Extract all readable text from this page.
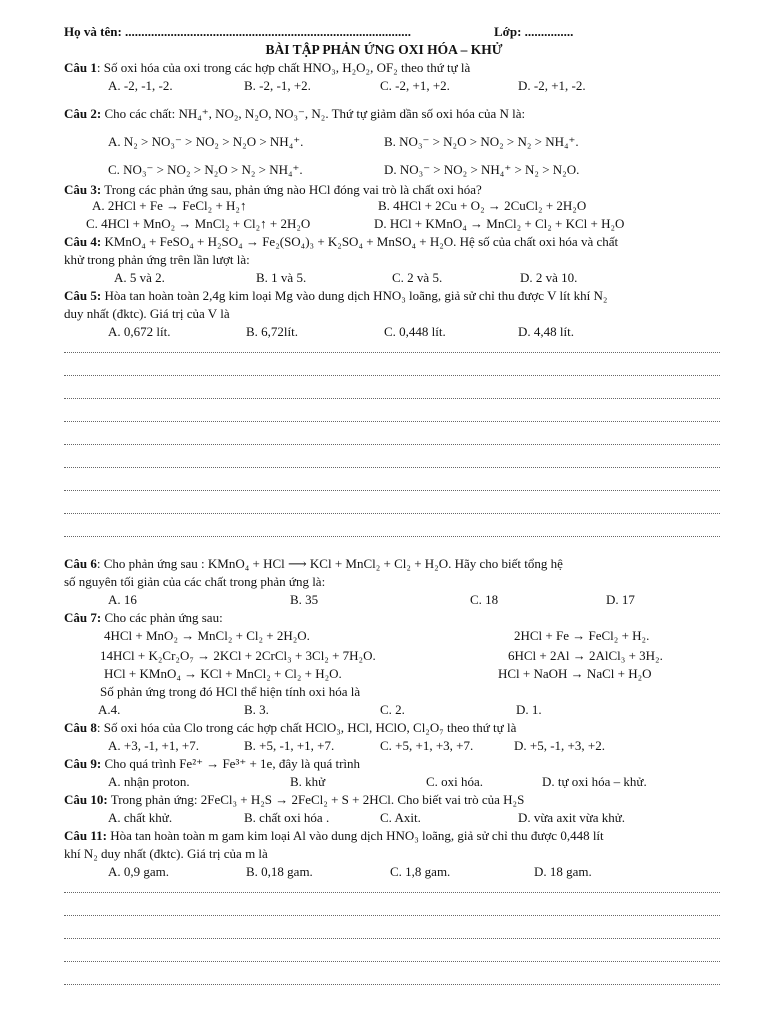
Họ và tên: ........................................................................................	Lớp: ...............
BÀI TẬP PHẢN ỨNG OXI HÓA – KHỬ
Câu 1: Số oxi hóa của oxi trong các hợp chất HNO₃, H₂O₂, OF₂ theo thứ tự là
A. -2, -1, -2.	B. -2, -1, +2.	C. -2, +1, +2.	D. -2, +1, -2.
Câu 2: Cho các chất: NH₄⁺, NO₂, N₂O, NO₃⁻, N₂. Thứ tự giảm dần số oxi hóa của N là:
A. N₂ > NO₃⁻ > NO₂ > N₂O > NH₄⁺.	B. NO₃⁻ > N₂O > NO₂ > N₂ > NH₄⁺.
C. NO₃⁻ > NO₂ > N₂O > N₂ > NH₄⁺.	D. NO₃⁻ > NO₂ > NH₄⁺ > N₂ > N₂O.
Câu 3: Trong các phản ứng sau, phản ứng nào HCl đóng vai trò là chất oxi hóa?
A. 2HCl + Fe → FeCl₂ + H₂↑	B. 4HCl + 2Cu + O₂ → 2CuCl₂ + 2H₂O
C. 4HCl + MnO₂ → MnCl₂ + Cl₂↑ + 2H₂O	D. HCl + KMnO₄ → MnCl₂ + Cl₂ + KCl + H₂O
Câu 4: KMnO₄ + FeSO₄ + H₂SO₄ → Fe₂(SO₄)₃ + K₂SO₄ + MnSO₄ + H₂O. Hệ số của chất oxi hóa và chất
khử trong phản ứng trên lần lượt là:
A. 5 và 2.	B. 1 và 5.	C. 2 và 5.	D. 2 và 10.
Câu 5: Hòa tan hoàn toàn 2,4g kim loại Mg vào dung dịch HNO₃ loãng, giả sử chỉ thu được V lít khí N₂
duy nhất (đktc). Giá trị của V là
A. 0,672 lít.	B. 6,72lít.	C. 0,448 lít.	D. 4,48 lít.
Câu 6: Cho phản ứng sau : KMnO₄ + HCl ⟶ KCl + MnCl₂ + Cl₂ + H₂O. Hãy cho biết tổng hệ
số nguyên tối giản của các chất trong phản ứng là:
A. 16	B. 35	C. 18	D. 17
Câu 7: Cho các phản ứng sau:
4HCl + MnO₂ → MnCl₂ + Cl₂ + 2H₂O.	2HCl + Fe → FeCl₂ + H₂.
14HCl + K₂Cr₂O₇ → 2KCl + 2CrCl₃ + 3Cl₂ + 7H₂O.	6HCl + 2Al → 2AlCl₃ + 3H₂.
HCl + KMnO₄ → KCl + MnCl₂ + Cl₂ + H₂O.	HCl + NaOH → NaCl + H₂O
Số phản ứng trong đó HCl thể hiện tính oxi hóa là
A.4.	B. 3.	C. 2.	D. 1.
Câu 8: Số oxi hóa của Clo trong các hợp chất HClO₃, HCl, HClO, Cl₂O₇ theo thứ tự là
A. +3, -1, +1, +7.	B. +5, -1, +1, +7.	C. +5, +1, +3, +7.	D. +5, -1, +3, +2.
Câu 9: Cho quá trình Fe²⁺ → Fe³⁺ + 1e, đây là quá trình
A. nhận proton.	B. khử	C. oxi hóa.	D. tự oxi hóa – khử.
Câu 10: Trong phản ứng: 2FeCl₃ + H₂S → 2FeCl₂ + S + 2HCl. Cho biết vai trò của H₂S
A. chất khử.	B. chất oxi hóa .	C. Axit.	D. vừa axit vừa khử.
Câu 11: Hòa tan hoàn toàn m gam kim loại Al vào dung dịch HNO₃ loãng, giả sử chỉ thu được 0,448 lít
khí N₂ duy nhất (đktc). Giá trị của m là
A. 0,9 gam.	B. 0,18 gam.	C. 1,8 gam.	D. 18 gam.
